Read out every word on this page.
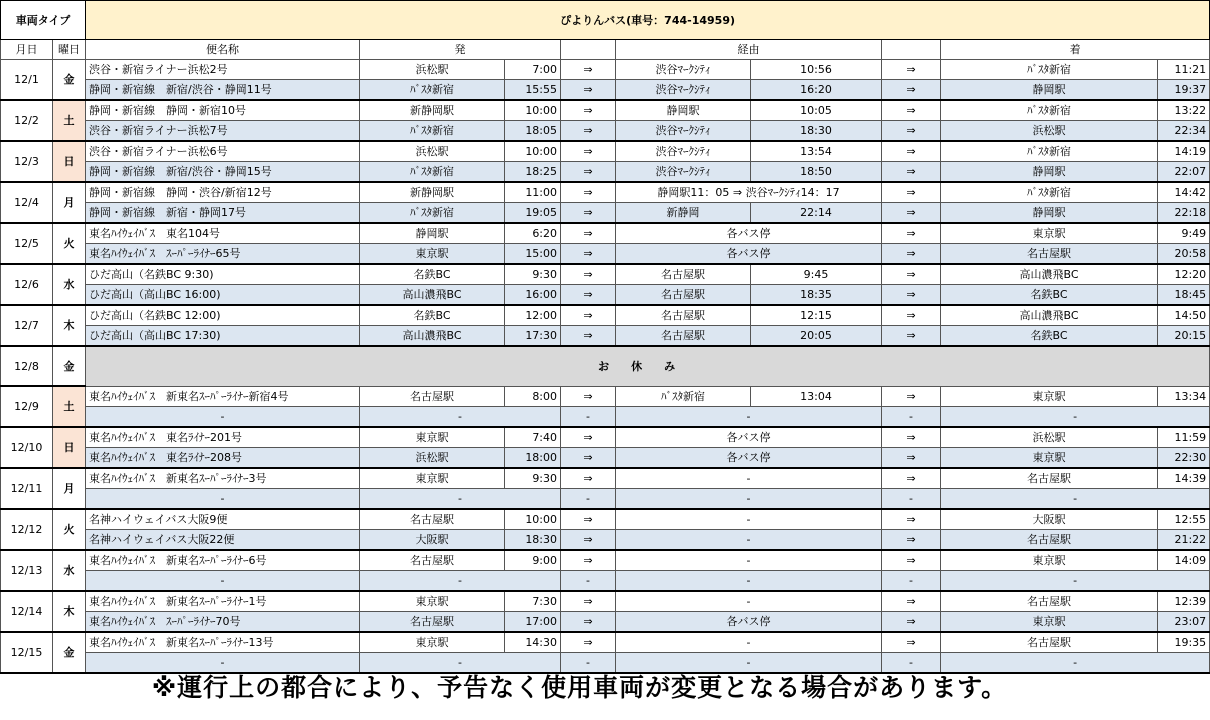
車両タイプ		ぴよりんバス(車号：744-14959)								
月日	曜日	便名称	発			経由			着	
12/1	金	渋谷・新宿ライナー浜松2号	浜松駅	7:00	⇒	渋谷ﾏｰｸｼﾃｨ	10:56	⇒	ﾊﾞｽﾀ新宿	11:21
		静岡・新宿線　新宿/渋谷・静岡11号	ﾊﾞｽﾀ新宿	15:55	⇒	渋谷ﾏｰｸｼﾃｨ	16:20	⇒	静岡駅	19:37
12/2	土	静岡・新宿線　静岡・新宿10号	新静岡駅	10:00	⇒	静岡駅	10:05	⇒	ﾊﾞｽﾀ新宿	13:22
		渋谷・新宿ライナー浜松7号	ﾊﾞｽﾀ新宿	18:05	⇒	渋谷ﾏｰｸｼﾃｨ	18:30	⇒	浜松駅	22:34
12/3	日	渋谷・新宿ライナー浜松6号	浜松駅	10:00	⇒	渋谷ﾏｰｸｼﾃｨ	13:54	⇒	ﾊﾞｽﾀ新宿	14:19
		静岡・新宿線　新宿/渋谷・静岡15号	ﾊﾞｽﾀ新宿	18:25	⇒	渋谷ﾏｰｸｼﾃｨ	18:50	⇒	静岡駅	22:07
12/4	月	静岡・新宿線　静岡・渋谷/新宿12号	新静岡駅	11:00	⇒	静岡駅11：05 ⇒ 渋谷ﾏｰｸｼﾃｨ14：17		⇒	ﾊﾞｽﾀ新宿	14:42
		静岡・新宿線　新宿・静岡17号	ﾊﾞｽﾀ新宿	19:05	⇒	新静岡	22:14	⇒	静岡駅	22:18
12/5	火	東名ﾊｲｳｪｲﾊﾞｽ　東名104号	静岡駅	6:20	⇒	各バス停		⇒	東京駅	9:49
		東名ﾊｲｳｪｲﾊﾞｽ　ｽｰﾊﾟｰﾗｲﾅｰ65号	東京駅	15:00	⇒	各バス停		⇒	名古屋駅	20:58
12/6	水	ひだ高山（名鉄BC 9:30)	名鉄BC	9:30	⇒	名古屋駅	9:45	⇒	高山濃飛BC	12:20
		ひだ高山（高山BC 16:00)	高山濃飛BC	16:00	⇒	名古屋駅	18:35	⇒	名鉄BC	18:45
12/7	木	ひだ高山（名鉄BC 12:00)	名鉄BC	12:00	⇒	名古屋駅	12:15	⇒	高山濃飛BC	14:50
		ひだ高山（高山BC 17:30)	高山濃飛BC	17:30	⇒	名古屋駅	20:05	⇒	名鉄BC	20:15
12/8	金	お休み								
12/9	土	東名ﾊｲｳｪｲﾊﾞｽ　新東名ｽｰﾊﾟｰﾗｲﾅｰ新宿4号	名古屋駅	8:00	⇒	ﾊﾞｽﾀ新宿	13:04	⇒	東京駅	13:34
		-	-		-	-		-	-	
12/10	日	東名ﾊｲｳｪｲﾊﾞｽ　東名ﾗｲﾅｰ201号	東京駅	7:40	⇒	各バス停		⇒	浜松駅	11:59
		東名ﾊｲｳｪｲﾊﾞｽ　東名ﾗｲﾅｰ208号	浜松駅	18:00	⇒	各バス停		⇒	東京駅	22:30
12/11	月	東名ﾊｲｳｪｲﾊﾞｽ　新東名ｽｰﾊﾟｰﾗｲﾅｰ3号	東京駅	9:30	⇒	-		⇒	名古屋駅	14:39
		-	-		-	-		-	-	
12/12	火	名神ハイウェイバス大阪9便	名古屋駅	10:00	⇒	-		⇒	大阪駅	12:55
		名神ハイウェイバス大阪22便	大阪駅	18:30	⇒	-		⇒	名古屋駅	21:22
12/13	水	東名ﾊｲｳｪｲﾊﾞｽ　新東名ｽｰﾊﾟｰﾗｲﾅｰ6号	名古屋駅	9:00	⇒	-		⇒	東京駅	14:09
		-	-		-	-		-	-	
12/14	木	東名ﾊｲｳｪｲﾊﾞｽ　新東名ｽｰﾊﾟｰﾗｲﾅｰ1号	東京駅	7:30	⇒	-		⇒	名古屋駅	12:39
		東名ﾊｲｳｪｲﾊﾞｽ　ｽｰﾊﾟｰﾗｲﾅｰ70号	名古屋駅	17:00	⇒	各バス停		⇒	東京駅	23:07
12/15	金	東名ﾊｲｳｪｲﾊﾞｽ　新東名ｽｰﾊﾟｰﾗｲﾅｰ13号	東京駅	14:30	⇒	-		⇒	名古屋駅	19:35
		-	-		-	-		-	-	
※運行上の都合により、予告なく使用車両が変更となる場合があります。
